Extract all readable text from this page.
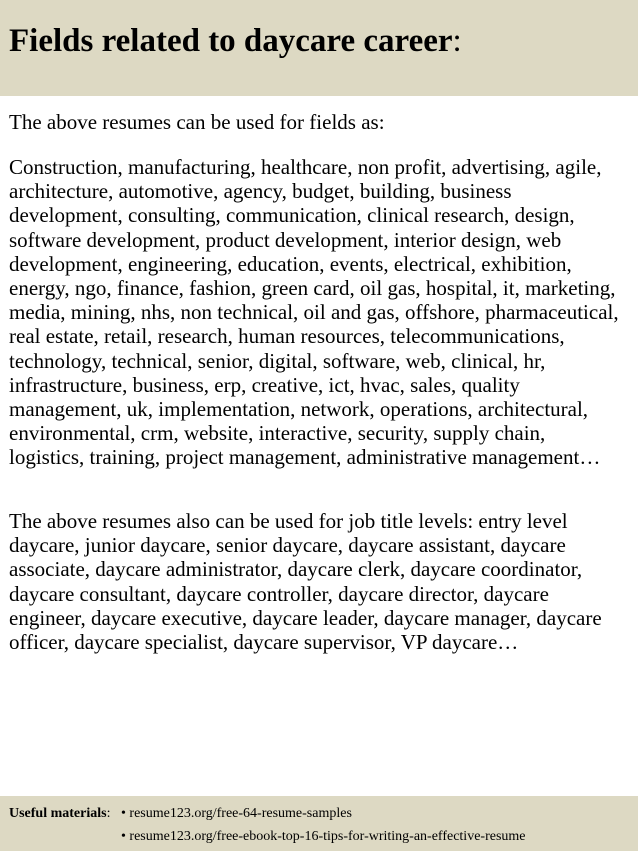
Fields related to daycare career:

The above resumes can be used for fields as:

Construction, manufacturing, healthcare, non profit, advertising, agile,
architecture, automotive, agency, budget, building, business
development, consulting, communication, clinical research, design,
software development, product development, interior design, web
development, engineering, education, events, electrical, exhibition,
energy, ngo, finance, fashion, green card, oil gas, hospital, it, marketing,
media, mining, nhs, non technical, oil and gas, offshore, pharmaceutical,
real estate, retail, research, human resources, telecommunications,
technology, technical, senior, digital, software, web, clinical, hr,
infrastructure, business, erp, creative, ict, hvac, sales, quality
management, uk, implementation, network, operations, architectural,
environmental, crm, website, interactive, security, supply chain,
logistics, training, project management, administrative management…

The above resumes also can be used for job title levels: entry level
daycare, junior daycare, senior daycare, daycare assistant, daycare
associate, daycare administrator, daycare clerk, daycare coordinator,
daycare consultant, daycare controller, daycare director, daycare
engineer, daycare executive, daycare leader, daycare manager, daycare
officer, daycare specialist, daycare supervisor, VP daycare…

Useful materials: • resume123.org/free-64-resume-samples
• resume123.org/free-ebook-top-16-tips-for-writing-an-effective-resume
